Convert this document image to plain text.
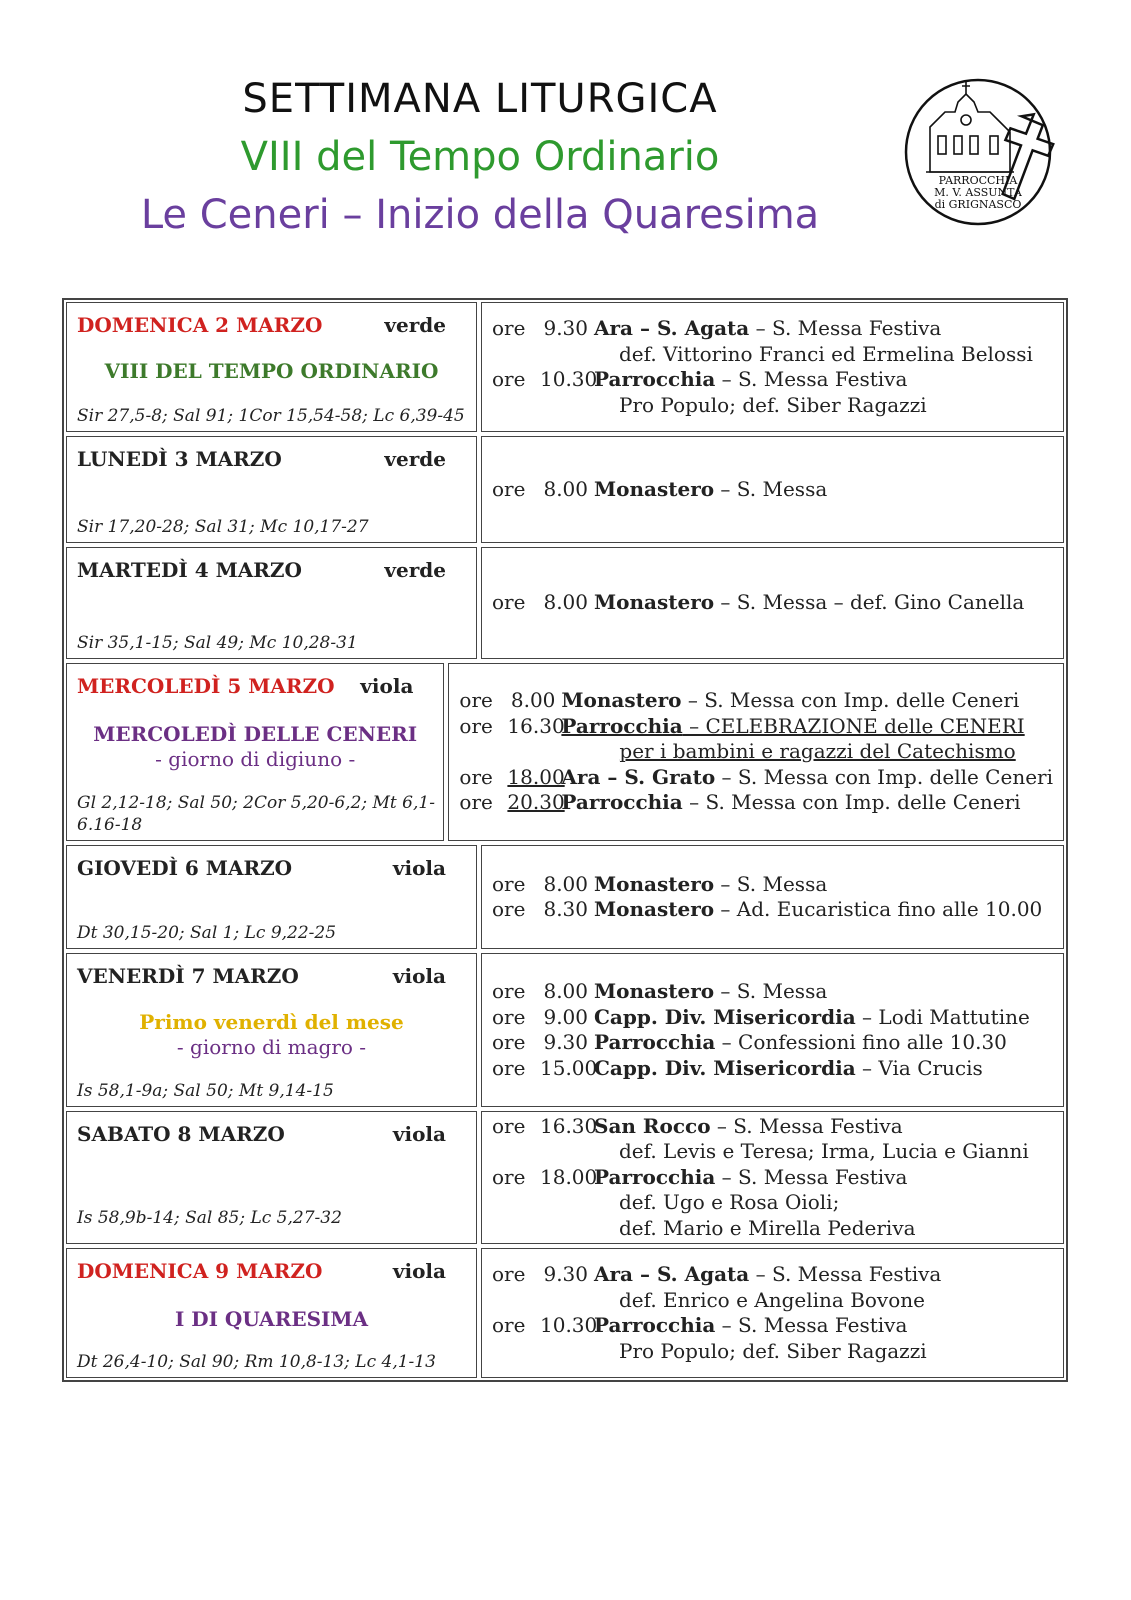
SETTIMANA LITURGICA
VIII del Tempo Ordinario
Le Ceneri – Inizio della Quaresima
PARROCCHIA
M. V. ASSUNTA
di GRIGNASCO
DOMENICA 2 MARZO	verde
VIII DEL TEMPO ORDINARIO
Sir 27,5-8; Sal 91; 1Cor 15,54-58; Lc 6,39-45
ore 9.30 Ara – S. Agata – S. Messa Festiva
def. Vittorino Franci ed Ermelina Belossi
ore 10.30Parrocchia – S. Messa Festiva
Pro Populo; def. Siber Ragazzi
LUNEDÌ 3 MARZO	verde
Sir 17,20-28; Sal 31; Mc 10,17-27
ore 8.00 Monastero – S. Messa
MARTEDÌ 4 MARZO	verde
Sir 35,1-15; Sal 49; Mc 10,28-31
ore 8.00 Monastero – S. Messa – def. Gino Canella
MERCOLEDÌ 5 MARZO viola
MERCOLEDÌ DELLE CENERI
- giorno di digiuno -
Gl 2,12-18; Sal 50; 2Cor 5,20-6,2; Mt 6,1-6.16-18
ore 8.00 Monastero – S. Messa con Imp. delle Ceneri
ore 16.30Parrocchia – CELEBRAZIONE delle CENERI
per i bambini e ragazzi del Catechismo
ore 18.00Ara – S. Grato – S. Messa con Imp. delle Ceneri
ore 20.30Parrocchia – S. Messa con Imp. delle Ceneri
GIOVEDÌ 6 MARZO	viola
Dt 30,15-20; Sal 1; Lc 9,22-25
ore 8.00 Monastero – S. Messa
ore 8.30 Monastero – Ad. Eucaristica fino alle 10.00
VENERDÌ 7 MARZO	viola
Primo venerdì del mese
- giorno di magro -
Is 58,1-9a; Sal 50; Mt 9,14-15
ore 8.00 Monastero – S. Messa
ore 9.00 Capp. Div. Misericordia – Lodi Mattutine
ore 9.30 Parrocchia – Confessioni fino alle 10.30
ore 15.00Capp. Div. Misericordia – Via Crucis
SABATO 8 MARZO	viola
Is 58,9b-14; Sal 85; Lc 5,27-32
ore 16.30San Rocco – S. Messa Festiva
def. Levis e Teresa; Irma, Lucia e Gianni
ore 18.00Parrocchia – S. Messa Festiva
def. Ugo e Rosa Oioli;
def. Mario e Mirella Pederiva
DOMENICA 9 MARZO	viola
I DI QUARESIMA
Dt 26,4-10; Sal 90; Rm 10,8-13; Lc 4,1-13
ore 9.30 Ara – S. Agata – S. Messa Festiva
def. Enrico e Angelina Bovone
ore 10.30Parrocchia – S. Messa Festiva
Pro Populo; def. Siber Ragazzi
